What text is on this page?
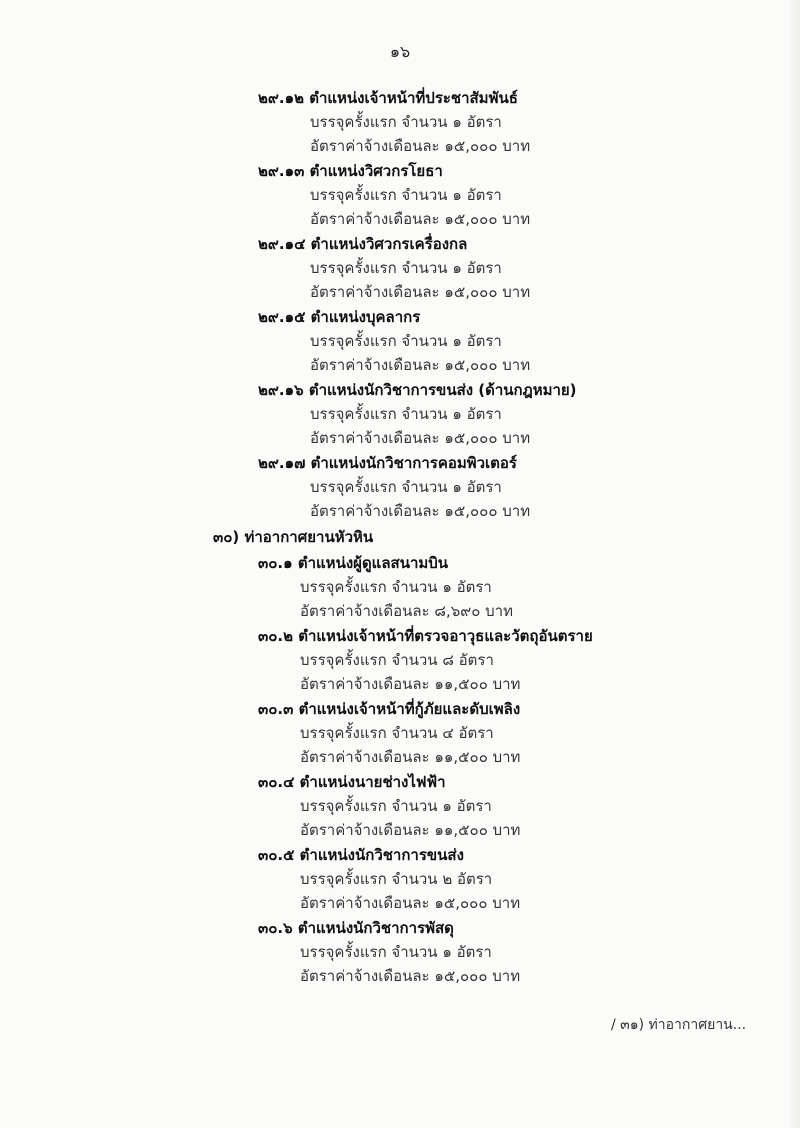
๑๖
๒๙.๑๒ ตำแหน่งเจ้าหน้าที่ประชาสัมพันธ์
บรรจุครั้งแรก จำนวน ๑ อัตรา
อัตราค่าจ้างเดือนละ ๑๕,๐๐๐ บาท
๒๙.๑๓ ตำแหน่งวิศวกรโยธา
บรรจุครั้งแรก จำนวน ๑ อัตรา
อัตราค่าจ้างเดือนละ ๑๕,๐๐๐ บาท
๒๙.๑๔ ตำแหน่งวิศวกรเครื่องกล
บรรจุครั้งแรก จำนวน ๑ อัตรา
อัตราค่าจ้างเดือนละ ๑๕,๐๐๐ บาท
๒๙.๑๕ ตำแหน่งบุคลากร
บรรจุครั้งแรก จำนวน ๑ อัตรา
อัตราค่าจ้างเดือนละ ๑๕,๐๐๐ บาท
๒๙.๑๖ ตำแหน่งนักวิชาการขนส่ง (ด้านกฎหมาย)
บรรจุครั้งแรก จำนวน ๑ อัตรา
อัตราค่าจ้างเดือนละ ๑๕,๐๐๐ บาท
๒๙.๑๗ ตำแหน่งนักวิชาการคอมพิวเตอร์
บรรจุครั้งแรก จำนวน ๑ อัตรา
อัตราค่าจ้างเดือนละ ๑๕,๐๐๐ บาท
๓๐) ท่าอากาศยานหัวหิน
๓๐.๑ ตำแหน่งผู้ดูแลสนามบิน
บรรจุครั้งแรก จำนวน ๑ อัตรา
อัตราค่าจ้างเดือนละ ๘,๖๙๐ บาท
๓๐.๒ ตำแหน่งเจ้าหน้าที่ตรวจอาวุธและวัตถุอันตราย
บรรจุครั้งแรก จำนวน ๘ อัตรา
อัตราค่าจ้างเดือนละ ๑๑,๕๐๐ บาท
๓๐.๓ ตำแหน่งเจ้าหน้าที่กู้ภัยและดับเพลิง
บรรจุครั้งแรก จำนวน ๔ อัตรา
อัตราค่าจ้างเดือนละ ๑๑,๕๐๐ บาท
๓๐.๔ ตำแหน่งนายช่างไฟฟ้า
บรรจุครั้งแรก จำนวน ๑ อัตรา
อัตราค่าจ้างเดือนละ ๑๑,๕๐๐ บาท
๓๐.๕ ตำแหน่งนักวิชาการขนส่ง
บรรจุครั้งแรก จำนวน ๒ อัตรา
อัตราค่าจ้างเดือนละ ๑๕,๐๐๐ บาท
๓๐.๖ ตำแหน่งนักวิชาการพัสดุ
บรรจุครั้งแรก จำนวน ๑ อัตรา
อัตราค่าจ้างเดือนละ ๑๕,๐๐๐ บาท
/ ๓๑) ท่าอากาศยาน...
